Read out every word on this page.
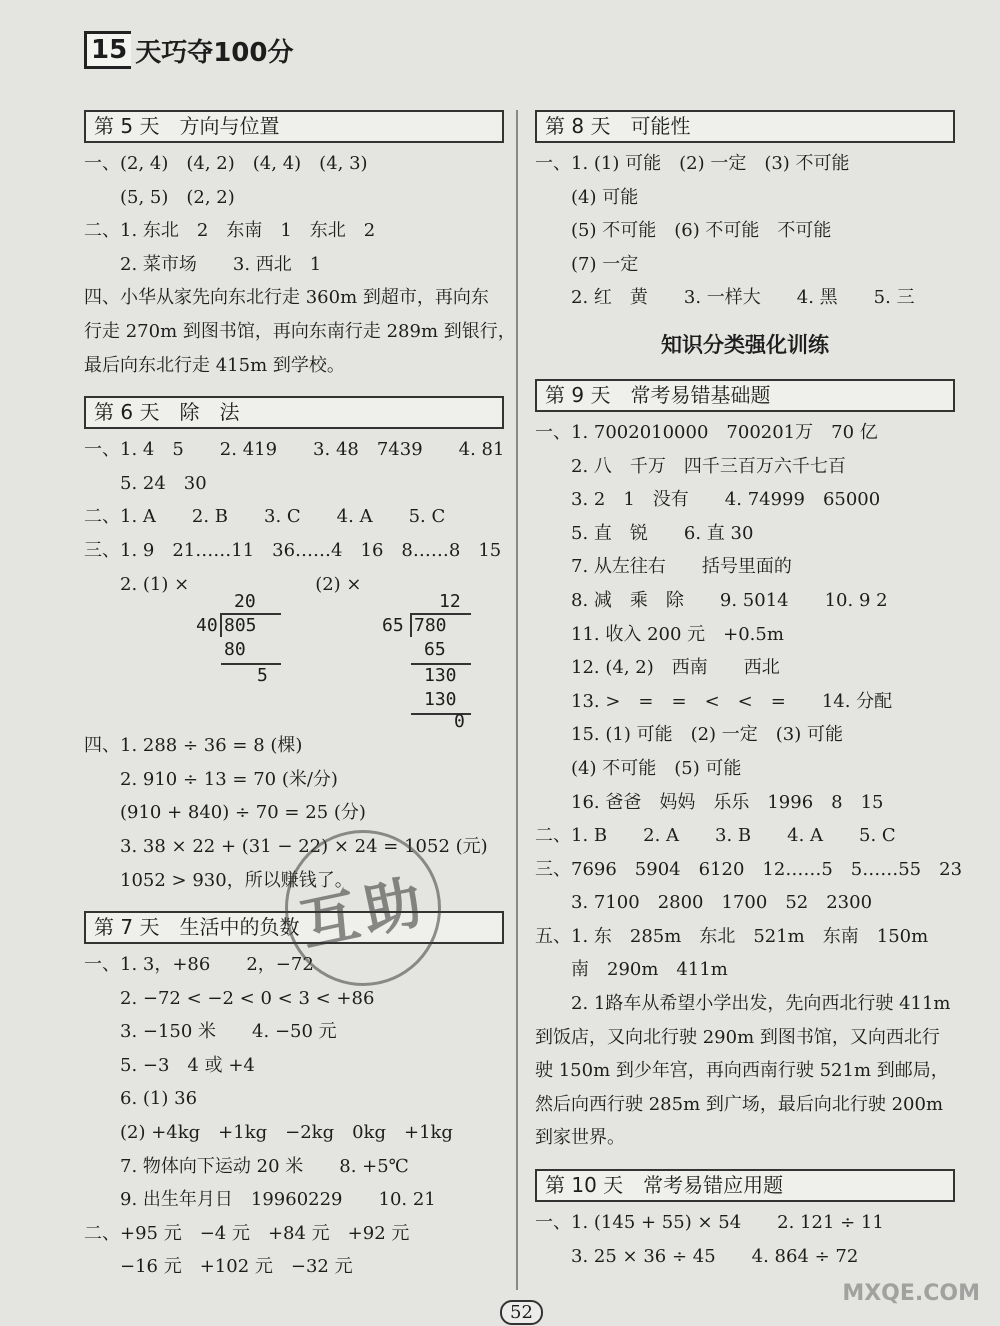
15 天巧夺100分
第 5 天　方向与位置
一、(2, 4)　(4, 2)　(4, 4)　(4, 3)
　　(5, 5)　(2, 2)
二、1. 东北　2　东南　1　东北　2
　　2. 菜市场　　3. 西北　1
四、小华从家先向东北行走 360m 到超市，再向东
行走 270m 到图书馆，再向东南行走 289m 到银行，
最后向东北行走 415m 到学校。
第 6 天　除　法
一、1. 4　5　　2. 419　　3. 48　7439　　4. 81
　　5. 24　30
二、1. A　　2. B　　3. C　　4. A　　5. C
三、1. 9　21……11　36……4　16　8……8　15
　　2. (1) ×　　　　　　　(2) ×
20
40 805
80
5
12
65 780
65
130
130
0
四、1. 288 ÷ 36 = 8 (棵)
　　2. 910 ÷ 13 = 70 (米/分)
　　(910 + 840) ÷ 70 = 25 (分)
　　3. 38 × 22 + (31 − 22) × 24 = 1052 (元)
　　1052 > 930，所以赚钱了。
第 7 天　生活中的负数
一、1. 3，+86　　2，−72
　　2. −72 < −2 < 0 < 3 < +86
　　3. −150 米　　4. −50 元
　　5. −3　4 或 +4
　　6. (1) 36
　　(2) +4kg　+1kg　−2kg　0kg　+1kg
　　7. 物体向下运动 20 米　　8. +5℃
　　9. 出生年月日　19960229　　10. 21
二、+95 元　−4 元　+84 元　+92 元
　　−16 元　+102 元　−32 元
第 8 天　可能性
一、1. (1) 可能　(2) 一定　(3) 不可能
　　(4) 可能
　　(5) 不可能　(6) 不可能　不可能
　　(7) 一定
　　2. 红　黄　　3. 一样大　　4. 黑　　5. 三
知识分类强化训练
第 9 天　常考易错基础题
一、1. 7002010000　700201万　70 亿
　　2. 八　千万　四千三百万六千七百
　　3. 2　1　没有　　4. 74999　65000
　　5. 直　锐　　6. 直 30
　　7. 从左往右　　括号里面的
　　8. 减　乘　除　　9. 5014　　10. 9 2
　　11. 收入 200 元　+0.5m
　　12. (4, 2)　西南　　西北
　　13. >　=　=　<　<　=　　14. 分配
　　15. (1) 可能　(2) 一定　(3) 可能
　　(4) 不可能　(5) 可能
　　16. 爸爸　妈妈　乐乐　1996　8　15
二、1. B　　2. A　　3. B　　4. A　　5. C
三、7696　5904　6120　12……5　5……55　23
　　3. 7100　2800　1700　52　2300
五、1. 东　285m　东北　521m　东南　150m
　　南　290m　411m
　　2. 1路车从希望小学出发，先向西北行驶 411m
到饭店，又向北行驶 290m 到图书馆，又向西北行
驶 150m 到少年宫，再向西南行驶 521m 到邮局，
然后向西行驶 285m 到广场，最后向北行驶 200m
到家世界。
第 10 天　常考易错应用题
一、1. (145 + 55) × 54　　2. 121 ÷ 11
　　3. 25 × 36 ÷ 45　　4. 864 ÷ 72
互助
52
MXQE.COM
